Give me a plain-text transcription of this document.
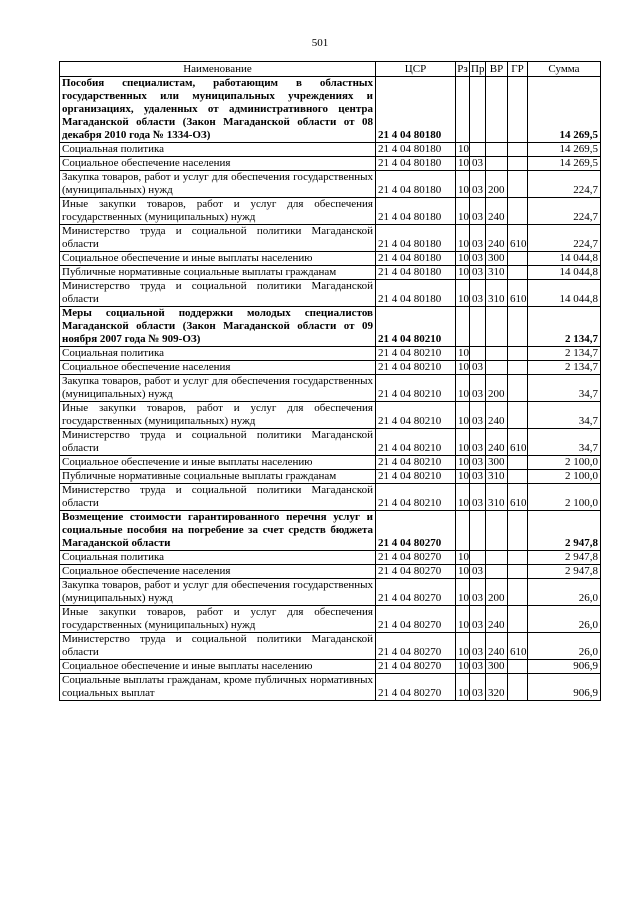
501
Наименование	ЦСР	Рз	Пр	ВР	ГР	Сумма
Пособия специалистам, работающим в областных государственных или муниципальных учреждениях и организациях, удаленных от административного центра Магаданской области (Закон Магаданской области от 08 декабря 2010 года № 1334-ОЗ)	21 4 04 80180					14 269,5
Социальная политика	21 4 04 80180	10				14 269,5
Социальное обеспечение населения	21 4 04 80180	10	03			14 269,5
Закупка товаров, работ и услуг для обеспечения государственных (муниципальных) нужд	21 4 04 80180	10	03	200		224,7
Иные закупки товаров, работ и услуг для обеспечения государственных (муниципальных) нужд	21 4 04 80180	10	03	240		224,7
Министерство труда и социальной политики Магаданской области	21 4 04 80180	10	03	240	610	224,7
Социальное обеспечение и иные выплаты населению	21 4 04 80180	10	03	300		14 044,8
Публичные нормативные социальные выплаты гражданам	21 4 04 80180	10	03	310		14 044,8
Министерство труда и социальной политики Магаданской области	21 4 04 80180	10	03	310	610	14 044,8
Меры социальной поддержки молодых специалистов Магаданской области (Закон Магаданской области от 09 ноября 2007 года № 909-ОЗ)	21 4 04 80210					2 134,7
Социальная политика	21 4 04 80210	10				2 134,7
Социальное обеспечение населения	21 4 04 80210	10	03			2 134,7
Закупка товаров, работ и услуг для обеспечения государственных (муниципальных) нужд	21 4 04 80210	10	03	200		34,7
Иные закупки товаров, работ и услуг для обеспечения государственных (муниципальных) нужд	21 4 04 80210	10	03	240		34,7
Министерство труда и социальной политики Магаданской области	21 4 04 80210	10	03	240	610	34,7
Социальное обеспечение и иные выплаты населению	21 4 04 80210	10	03	300		2 100,0
Публичные нормативные социальные выплаты гражданам	21 4 04 80210	10	03	310		2 100,0
Министерство труда и социальной политики Магаданской области	21 4 04 80210	10	03	310	610	2 100,0
Возмещение стоимости гарантированного перечня услуг и социальные пособия на погребение за счет средств бюджета Магаданской области	21 4 04 80270					2 947,8
Социальная политика	21 4 04 80270	10				2 947,8
Социальное обеспечение населения	21 4 04 80270	10	03			2 947,8
Закупка товаров, работ и услуг для обеспечения государственных (муниципальных) нужд	21 4 04 80270	10	03	200		26,0
Иные закупки товаров, работ и услуг для обеспечения государственных (муниципальных) нужд	21 4 04 80270	10	03	240		26,0
Министерство труда и социальной политики Магаданской области	21 4 04 80270	10	03	240	610	26,0
Социальное обеспечение и иные выплаты населению	21 4 04 80270	10	03	300		906,9
Социальные выплаты гражданам, кроме публичных нормативных социальных выплат	21 4 04 80270	10	03	320		906,9
